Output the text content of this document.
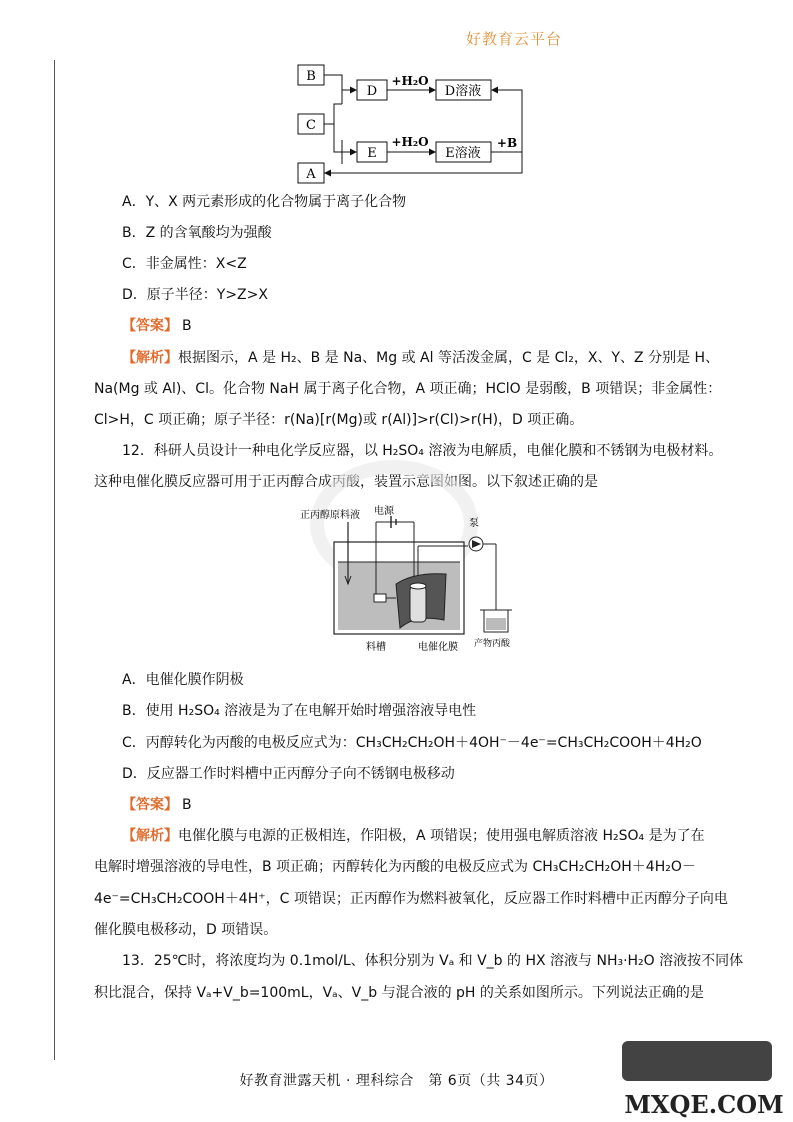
好教育云平台
B
C
A
D
E
D溶液
E溶液
+H₂O
+H₂O	+B
A．Y、X 两元素形成的化合物属于离子化合物
B．Z 的含氧酸均为强酸
C．非金属性：X<Z
D．原子半径：Y>Z>X
【答案】 B
【解析】根据图示，A 是 H₂、B 是 Na、Mg 或 Al 等活泼金属，C 是 Cl₂，X、Y、Z 分别是 H、
Na(Mg 或 Al)、Cl。化合物 NaH 属于离子化合物，A 项正确；HClO 是弱酸，B 项错误；非金属性：
Cl>H，C 项正确；原子半径：r(Na)[r(Mg)或 r(Al)]>r(Cl)>r(H)，D 项正确。
12．科研人员设计一种电化学反应器，以 H₂SO₄ 溶液为电解质，电催化膜和不锈钢为电极材料。
这种电催化膜反应器可用于正丙醇合成丙酸，装置示意图如图。以下叙述正确的是
正丙醇原料液 电源
泵
料槽	电催化膜 产物丙酸
A．电催化膜作阴极
B．使用 H₂SO₄ 溶液是为了在电解开始时增强溶液导电性
C．丙醇转化为丙酸的电极反应式为：CH₃CH₂CH₂OH＋4OH⁻－4e⁻=CH₃CH₂COOH＋4H₂O
D．反应器工作时料槽中正丙醇分子向不锈钢电极移动
【答案】 B
【解析】电催化膜与电源的正极相连，作阳极，A 项错误；使用强电解质溶液 H₂SO₄ 是为了在
电解时增强溶液的导电性，B 项正确；丙醇转化为丙酸的电极反应式为 CH₃CH₂CH₂OH＋4H₂O－
4e⁻=CH₃CH₂COOH＋4H⁺，C 项错误；正丙醇作为燃料被氧化，反应器工作时料槽中正丙醇分子向电
催化膜电极移动，D 项错误。
13．25℃时，将浓度均为 0.1mol/L、体积分别为 Vₐ 和 V_b 的 HX 溶液与 NH₃·H₂O 溶液按不同体
积比混合，保持 Vₐ+V_b=100mL，Vₐ、V_b 与混合液的 pH 的关系如图所示。下列说法正确的是
好教育泄露天机 · 理科综合　第 6页（共 34页）
MXQE.COM
